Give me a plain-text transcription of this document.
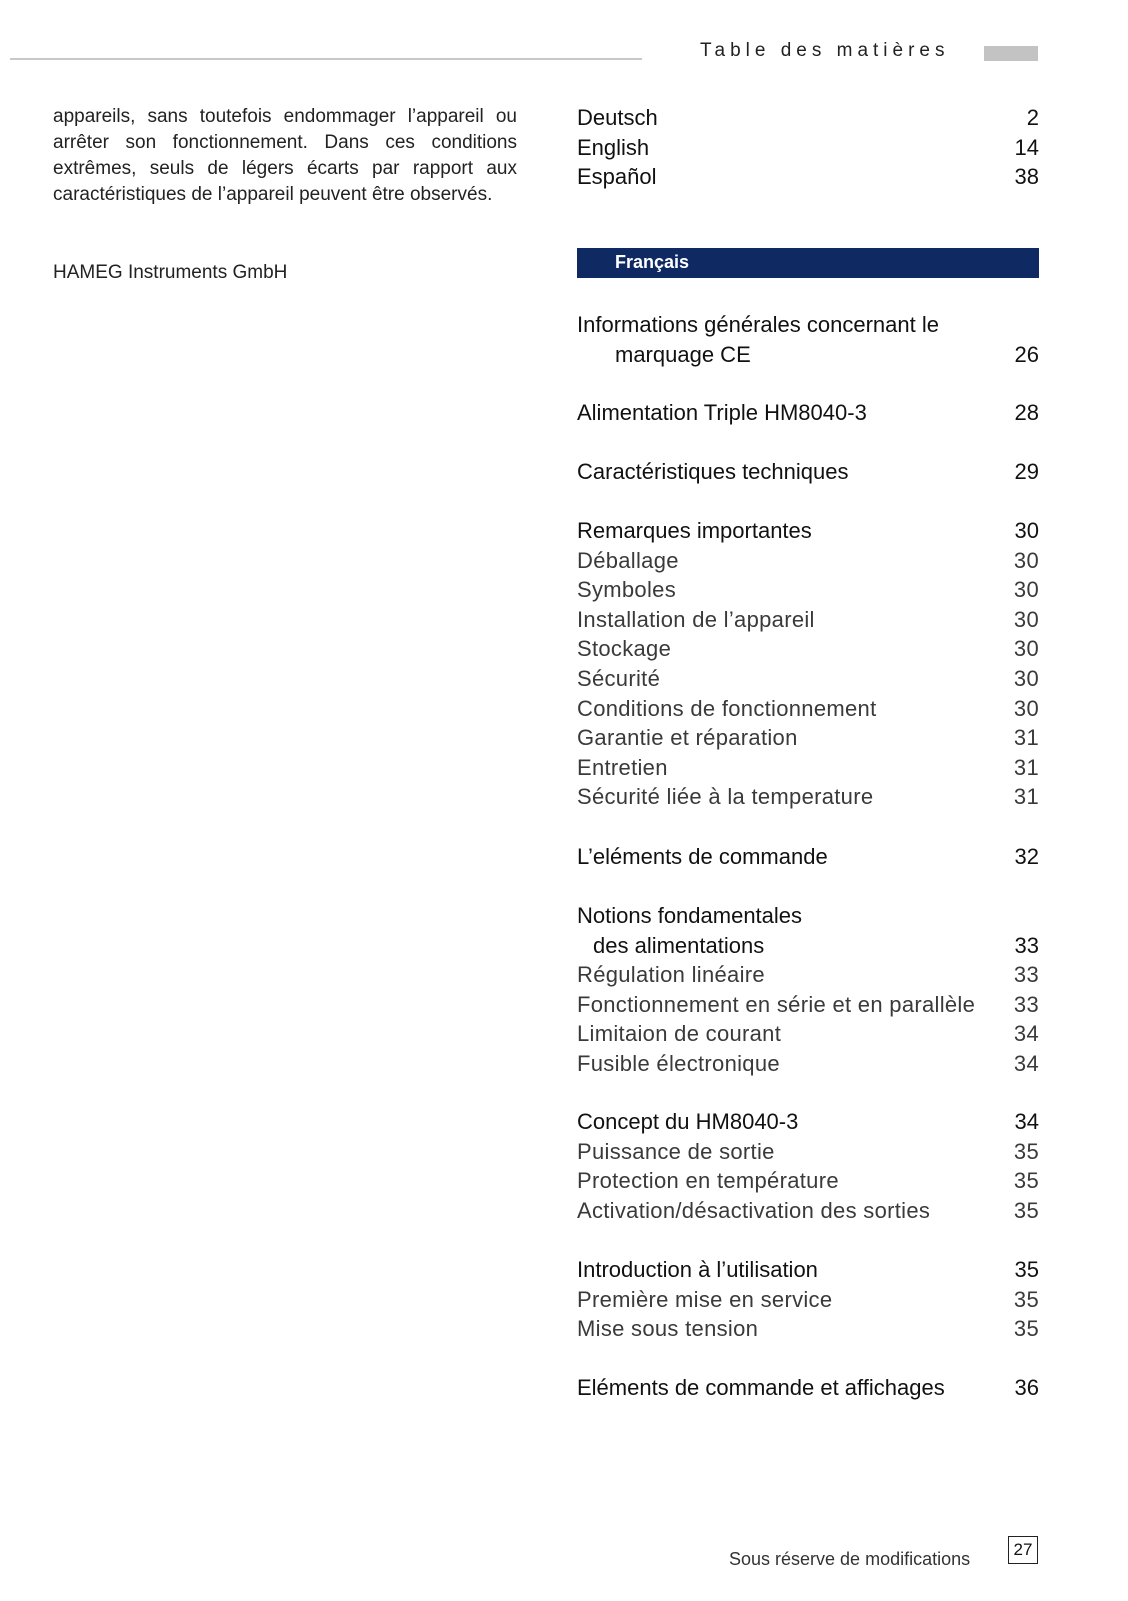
Table des matières
appareils, sans toutefois endommager l’appareil ou arrêter son fonctionnement. Dans ces conditions extrêmes, seuls de légers écarts par rapport aux caractéristiques de l’appareil peuvent être observés.
HAMEG Instruments GmbH
Deutsch	2
English	14
Español	38
Français
Informations générales concernant le
marquage CE	26
Alimentation Triple HM8040-3	28
Caractéristiques techniques	29
Remarques importantes	30
Déballage	30
Symboles	30
Installation de l’appareil	30
Stockage	30
Sécurité	30
Conditions de fonctionnement	30
Garantie et réparation	31
Entretien	31
Sécurité liée à la temperature	31
L’eléments de commande	32
Notions fondamentales
des alimentations	33
Régulation linéaire	33
Fonctionnement en série et en parallèle 33
Limitaion de courant	34
Fusible électronique	34
Concept du HM8040-3	34
Puissance de sortie	35
Protection en température	35
Activation/désactivation des sorties	35
Introduction à l’utilisation	35
Première mise en service	35
Mise sous tension	35
Eléments de commande et affichages	36
Sous réserve de modifications	27
